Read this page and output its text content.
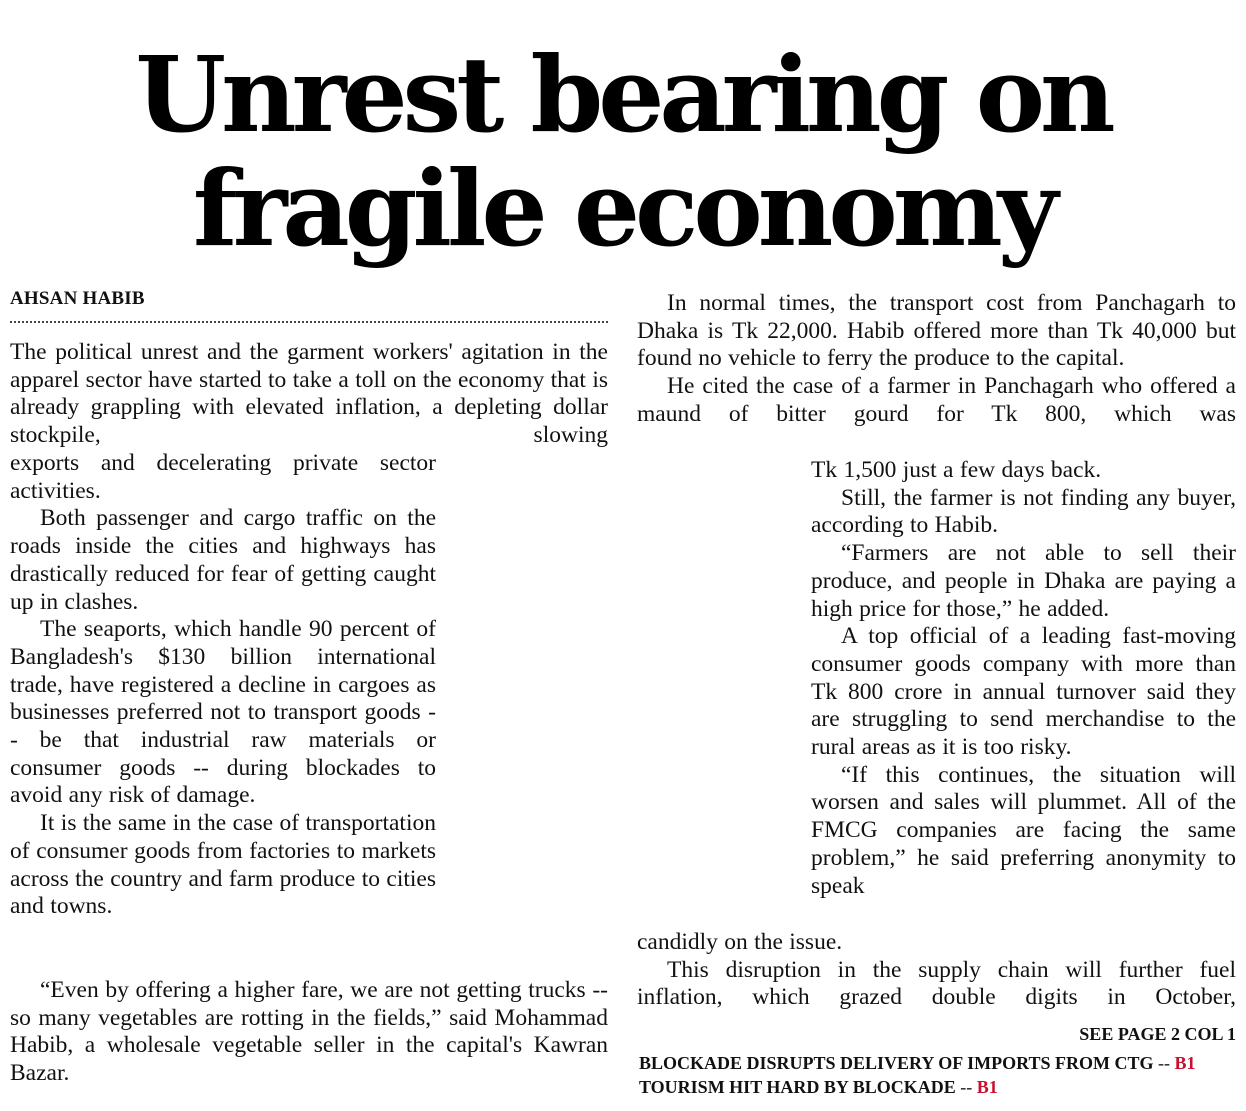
Unrest bearing on
fragile economy
AHSAN HABIB

The political unrest and the garment workers' agitation in the apparel sector have started to take a toll on the economy that is already grappling with elevated inflation, a depleting dollar stockpile, slowing

exports and decelerating private sector activities.

Both passenger and cargo traffic on the roads inside the cities and highways has drastically reduced for fear of getting caught up in clashes.

The seaports, which handle 90 percent of Bangladesh's $130 billion international trade, have registered a decline in cargoes as businesses preferred not to transport goods -- be that industrial raw materials or consumer goods -- during blockades to avoid any risk of damage.

It is the same in the case of transportation of consumer goods from factories to markets across the country and farm produce to cities and towns.

“Even by offering a higher fare, we are not getting trucks -- so many vegetables are rotting in the fields,” said Mohammad Habib, a wholesale vegetable seller in the capital's Kawran Bazar.

In normal times, the transport cost from Panchagarh to Dhaka is Tk 22,000. Habib offered more than Tk 40,000 but found no vehicle to ferry the produce to the capital.

He cited the case of a farmer in Panchagarh who offered a maund of bitter gourd for Tk 800, which was

Tk 1,500 just a few days back.

Still, the farmer is not finding any buyer, according to Habib.

“Farmers are not able to sell their produce, and people in Dhaka are paying a high price for those,” he added.

A top official of a leading fast-moving consumer goods company with more than Tk 800 crore in annual turnover said they are struggling to send merchandise to the rural areas as it is too risky.

“If this continues, the situation will worsen and sales will plummet. All of the FMCG companies are facing the same problem,” he said preferring anonymity to speak

candidly on the issue.

This disruption in the supply chain will further fuel inflation, which grazed double digits in October,

SEE PAGE 2 COL 1
BLOCKADE DISRUPTS DELIVERY OF IMPORTS FROM CTG -- B1
TOURISM HIT HARD BY BLOCKADE -- B1
